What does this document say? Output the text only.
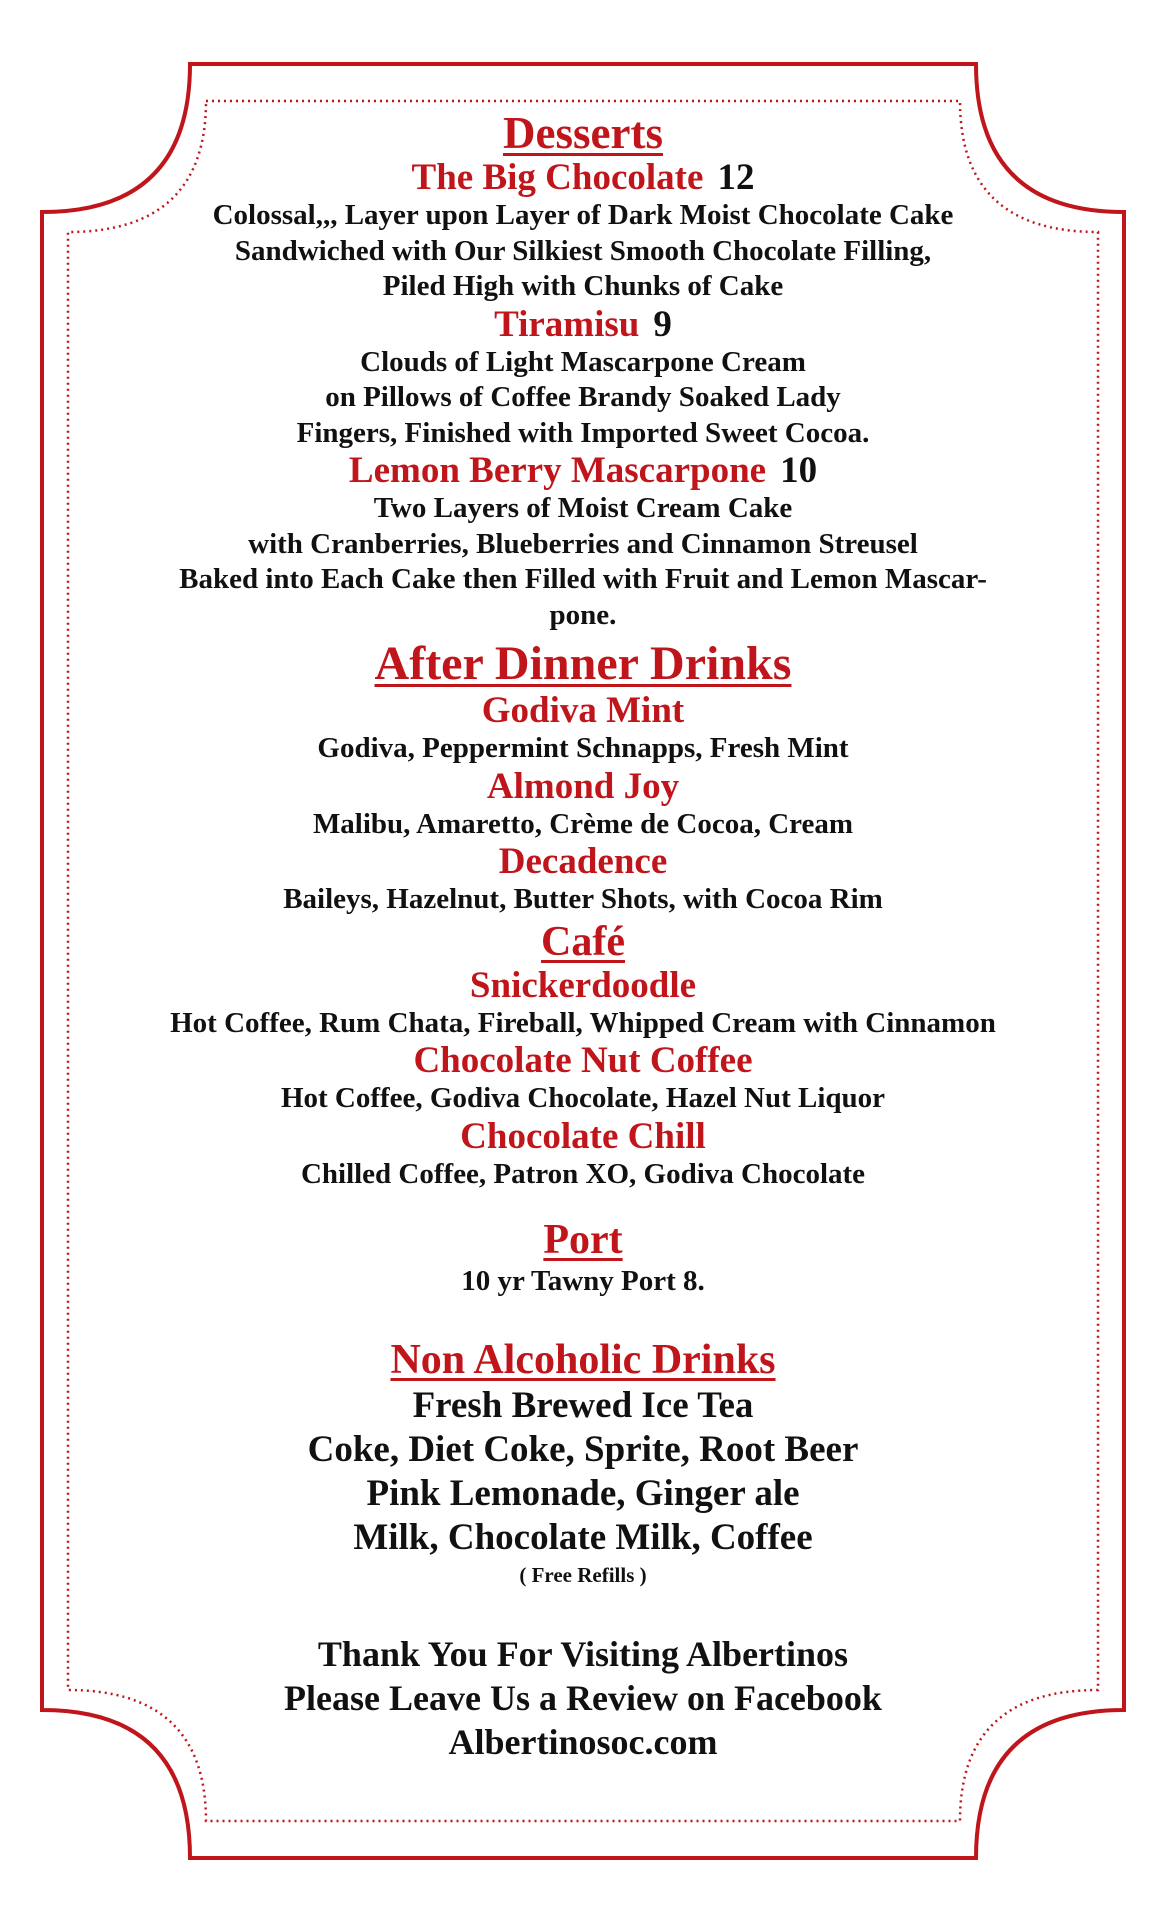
Desserts
The Big Chocolate 12
Colossal,,, Layer upon Layer of Dark Moist Chocolate Cake
Sandwiched with Our Silkiest Smooth Chocolate Filling,
Piled High with Chunks of Cake
Tiramisu 9
Clouds of Light Mascarpone Cream
on Pillows of Coffee Brandy Soaked Lady
Fingers, Finished with Imported Sweet Cocoa.
Lemon Berry Mascarpone 10
Two Layers of Moist Cream Cake
with Cranberries, Blueberries and Cinnamon Streusel
Baked into Each Cake then Filled with Fruit and Lemon Mascar-
pone.
After Dinner Drinks
Godiva Mint
Godiva, Peppermint Schnapps, Fresh Mint
Almond Joy
Malibu, Amaretto, Crème de Cocoa, Cream
Decadence
Baileys, Hazelnut, Butter Shots, with Cocoa Rim
Café
Snickerdoodle
Hot Coffee, Rum Chata, Fireball, Whipped Cream with Cinnamon
Chocolate Nut Coffee
Hot Coffee, Godiva Chocolate, Hazel Nut Liquor
Chocolate Chill
Chilled Coffee, Patron XO, Godiva Chocolate
Port
10 yr Tawny Port 8.
Non Alcoholic Drinks
Fresh Brewed Ice Tea
Coke, Diet Coke, Sprite, Root Beer
Pink Lemonade, Ginger ale
Milk, Chocolate Milk, Coffee
( Free Refills )
Thank You For Visiting Albertinos
Please Leave Us a Review on Facebook
Albertinosoc.com
